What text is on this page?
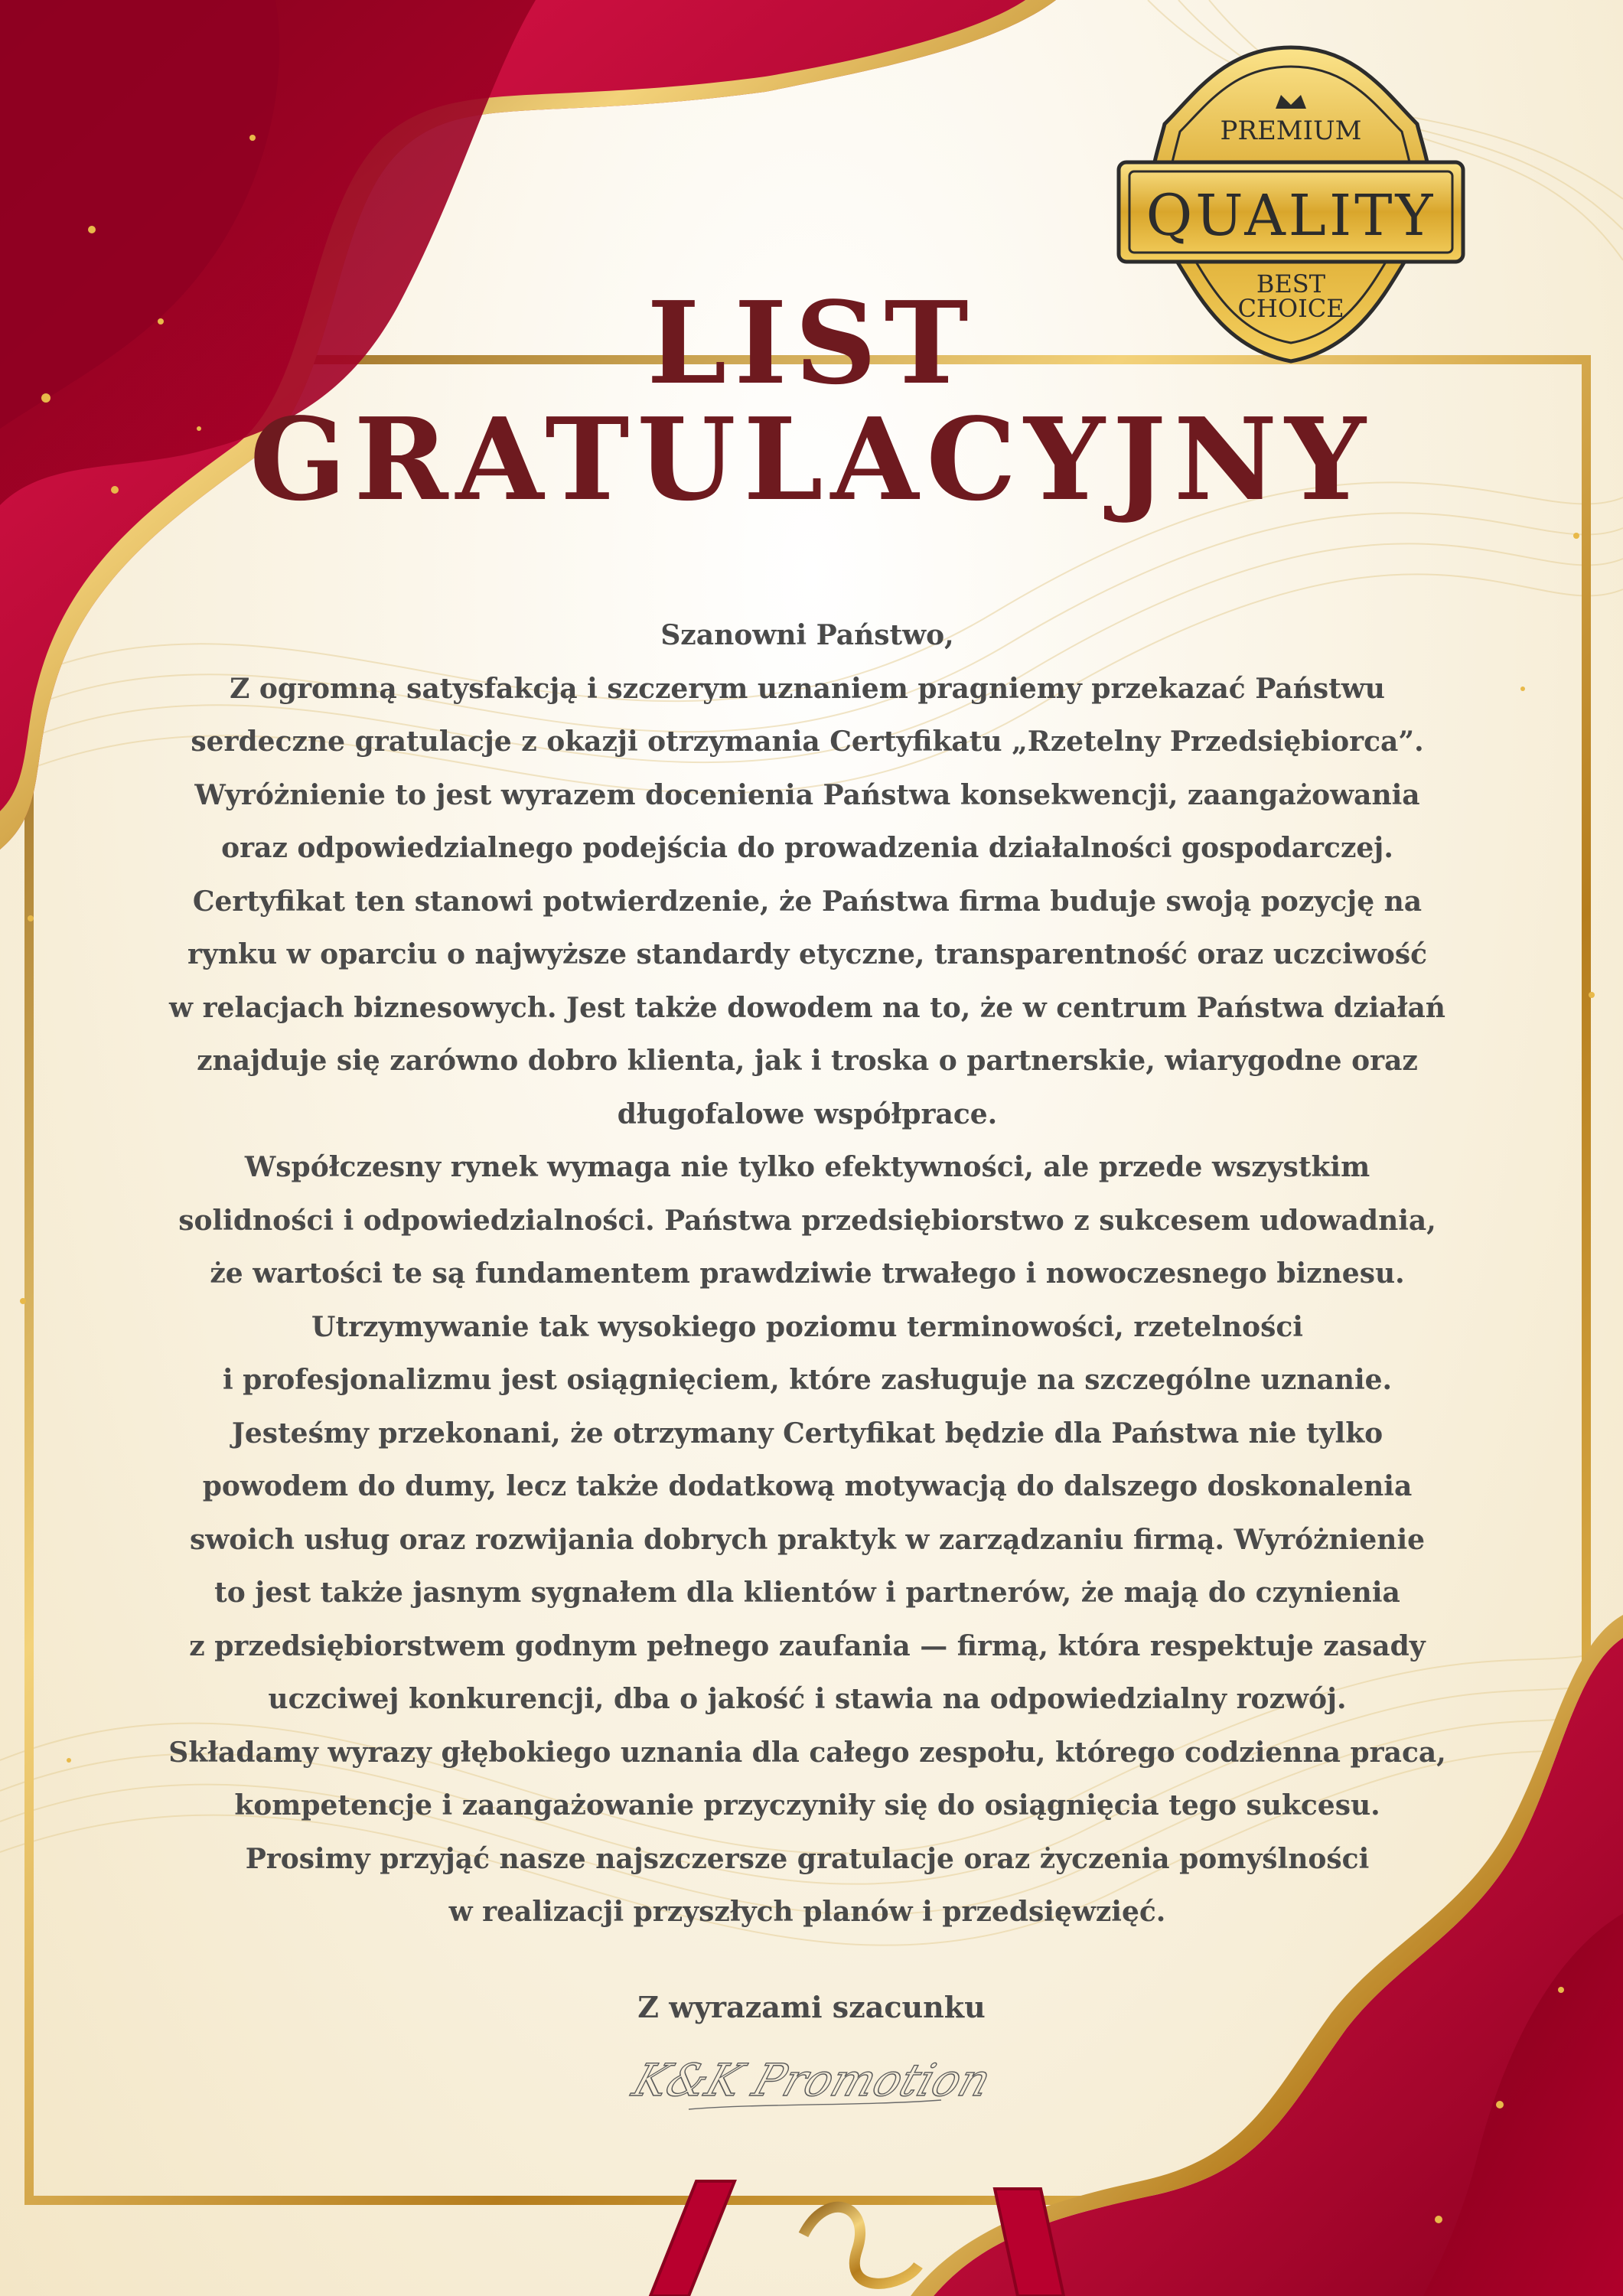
PREMIUM
QUALITY
BEST
CHOICE
LIST
GRATULACYJNY

Szanowni Państwo,

Z ogromną satysfakcją i szczerym uznaniem pragniemy przekazać Państwu

serdeczne gratulacje z okazji otrzymania Certyfikatu „Rzetelny Przedsiębiorca”.

Wyróżnienie to jest wyrazem docenienia Państwa konsekwencji, zaangażowania

oraz odpowiedzialnego podejścia do prowadzenia działalności gospodarczej.

Certyfikat ten stanowi potwierdzenie, że Państwa firma buduje swoją pozycję na

rynku w oparciu o najwyższe standardy etyczne, transparentność oraz uczciwość

w relacjach biznesowych. Jest także dowodem na to, że w centrum Państwa działań

znajduje się zarówno dobro klienta, jak i troska o partnerskie, wiarygodne oraz

długofalowe współprace.

Współczesny rynek wymaga nie tylko efektywności, ale przede wszystkim

solidności i odpowiedzialności. Państwa przedsiębiorstwo z sukcesem udowadnia,

że wartości te są fundamentem prawdziwie trwałego i nowoczesnego biznesu.

Utrzymywanie tak wysokiego poziomu terminowości, rzetelności

i profesjonalizmu jest osiągnięciem, które zasługuje na szczególne uznanie.

Jesteśmy przekonani, że otrzymany Certyfikat będzie dla Państwa nie tylko

powodem do dumy, lecz także dodatkową motywacją do dalszego doskonalenia

swoich usług oraz rozwijania dobrych praktyk w zarządzaniu firmą. Wyróżnienie

to jest także jasnym sygnałem dla klientów i partnerów, że mają do czynienia

z przedsiębiorstwem godnym pełnego zaufania — firmą, która respektuje zasady

uczciwej konkurencji, dba o jakość i stawia na odpowiedzialny rozwój.

Składamy wyrazy głębokiego uznania dla całego zespołu, którego codzienna praca,

kompetencje i zaangażowanie przyczyniły się do osiągnięcia tego sukcesu.

Prosimy przyjąć nasze najszczersze gratulacje oraz życzenia pomyślności

w realizacji przyszłych planów i przedsięwzięć.

Z wyrazami szacunku
K&K Promotion
